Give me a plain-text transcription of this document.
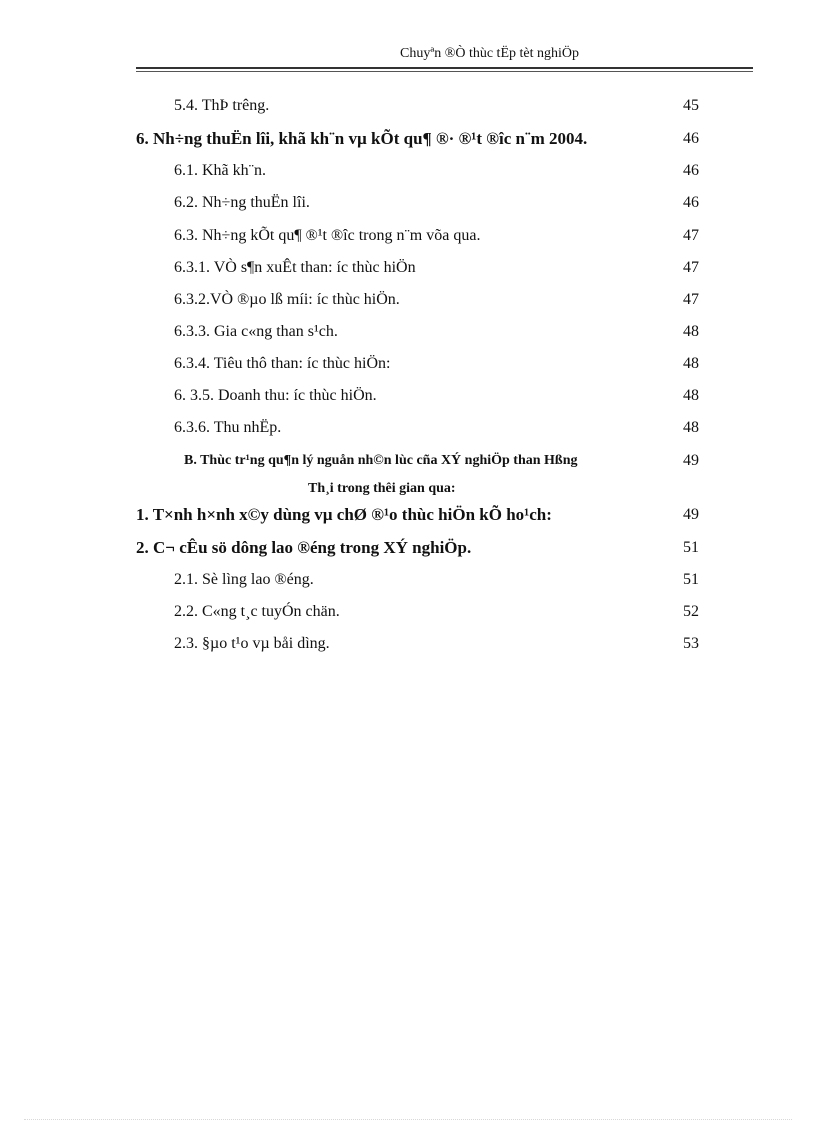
Chuyªn ®Ò thùc tËp tèt nghiÖp
5.4. ThÞ trêng.	45
6. Nh÷ng thuËn lîi, khã kh¨n vµ kÕt qu¶ ®· ®¹t ®îc n¨m 2004.	46
6.1. Khã kh¨n.	46
6.2. Nh÷ng thuËn lîi.	46
6.3. Nh÷ng kÕt qu¶ ®¹t ®îc trong n¨m võa qua.	47
6.3.1. VÒ s¶n xuÊt than: íc thùc hiÖn	47
6.3.2.VÒ ®µo lß míi: íc thùc hiÖn.	47
6.3.3. Gia c«ng than s¹ch.	48
6.3.4. Tiêu thô than: íc thùc hiÖn:	48
6. 3.5. Doanh thu: íc thùc hiÖn.	48
6.3.6. Thu nhËp.	48
B. Thùc tr¹ng qu¶n lý nguån nh©n lùc cña XÝ nghiÖp than Hßng	49
Th¸i trong thêi gian qua:
1. T×nh h×nh x©y dùng vµ chØ ®¹o thùc hiÖn kÕ ho¹ch:	49
2. C¬ cÊu sö dông lao ®éng trong XÝ nghiÖp.	51
2.1. Sè lìng lao ®éng.	51
2.2. C«ng t¸c tuyÓn chän.	52
2.3. §µo t¹o vµ båi dìng.	53
